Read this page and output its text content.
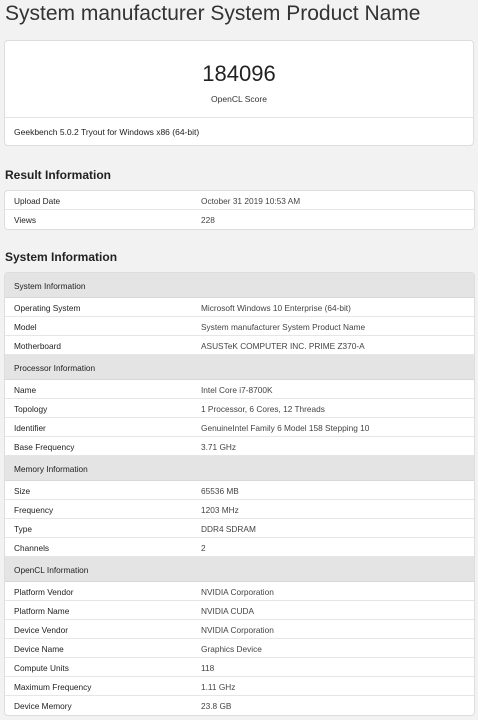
System manufacturer System Product Name
184096
OpenCL Score
Geekbench 5.0.2 Tryout for Windows x86 (64-bit)
Result Information
Upload Date	October 31 2019 10:53 AM
Views	228
System Information
System Information
Operating System	Microsoft Windows 10 Enterprise (64-bit)
Model	System manufacturer System Product Name
Motherboard	ASUSTeK COMPUTER INC. PRIME Z370-A
Processor Information
Name	Intel Core i7-8700K
Topology	1 Processor, 6 Cores, 12 Threads
Identifier	GenuineIntel Family 6 Model 158 Stepping 10
Base Frequency	3.71 GHz
Memory Information
Size	65536 MB
Frequency	1203 MHz
Type	DDR4 SDRAM
Channels	2
OpenCL Information
Platform Vendor	NVIDIA Corporation
Platform Name	NVIDIA CUDA
Device Vendor	NVIDIA Corporation
Device Name	Graphics Device
Compute Units	118
Maximum Frequency	1.11 GHz
Device Memory	23.8 GB
